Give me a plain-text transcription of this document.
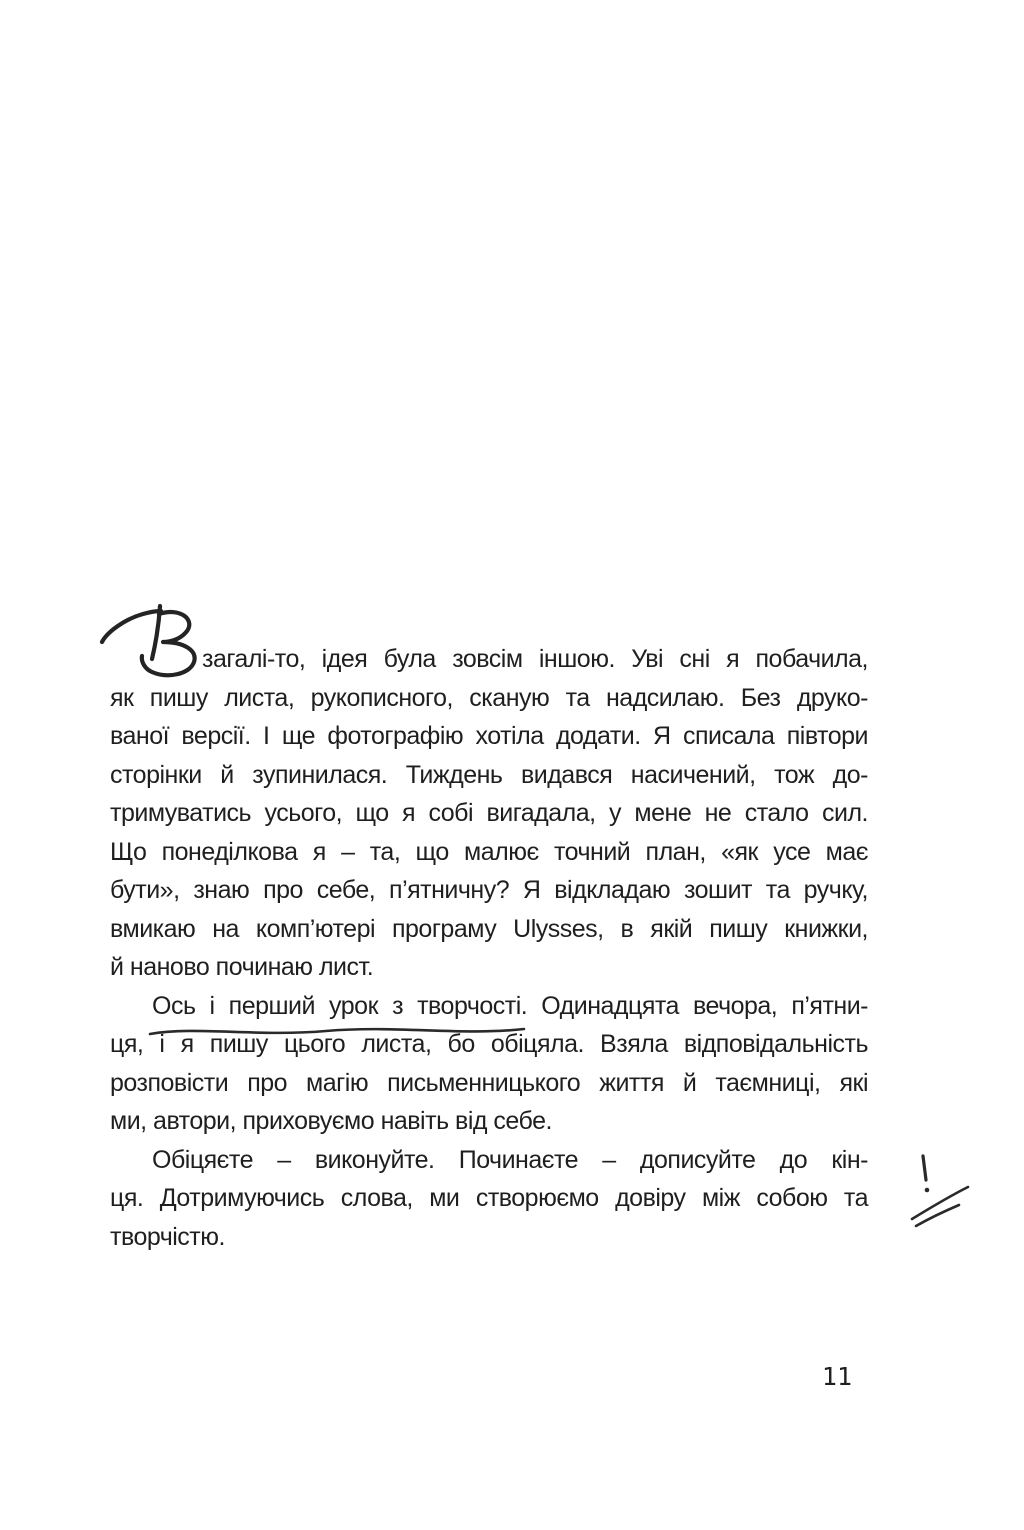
загалі-то, ідея була зовсім іншою. Уві сні я побачила,
як пишу листа, рукописного, сканую та надсилаю. Без друко-
ваної версії. І ще фотографію хотіла додати. Я списала півтори
сторінки й зупинилася. Тиждень видався насичений, тож до-
тримуватись усього, що я собі вигадала, у мене не стало сил.
Що понеділкова я – та, що малює точний план, «як усе має
бути», знаю про себе, п’ятничну? Я відкладаю зошит та ручку,
вмикаю на комп’ютері програму Ulysses, в якій пишу книжки,
й наново починаю лист.
Ось і перший урок з творчості. Одинадцята вечора, п’ятни-
ця, і я пишу цього листа, бо обіцяла. Взяла відповідальність
розповісти про магію письменницького життя й таємниці, які
ми, автори, приховуємо навіть від себе.
Обіцяєте – виконуйте. Починаєте – дописуйте до кін-
ця. Дотримуючись слова, ми створюємо довіру між собою та
творчістю.
11
